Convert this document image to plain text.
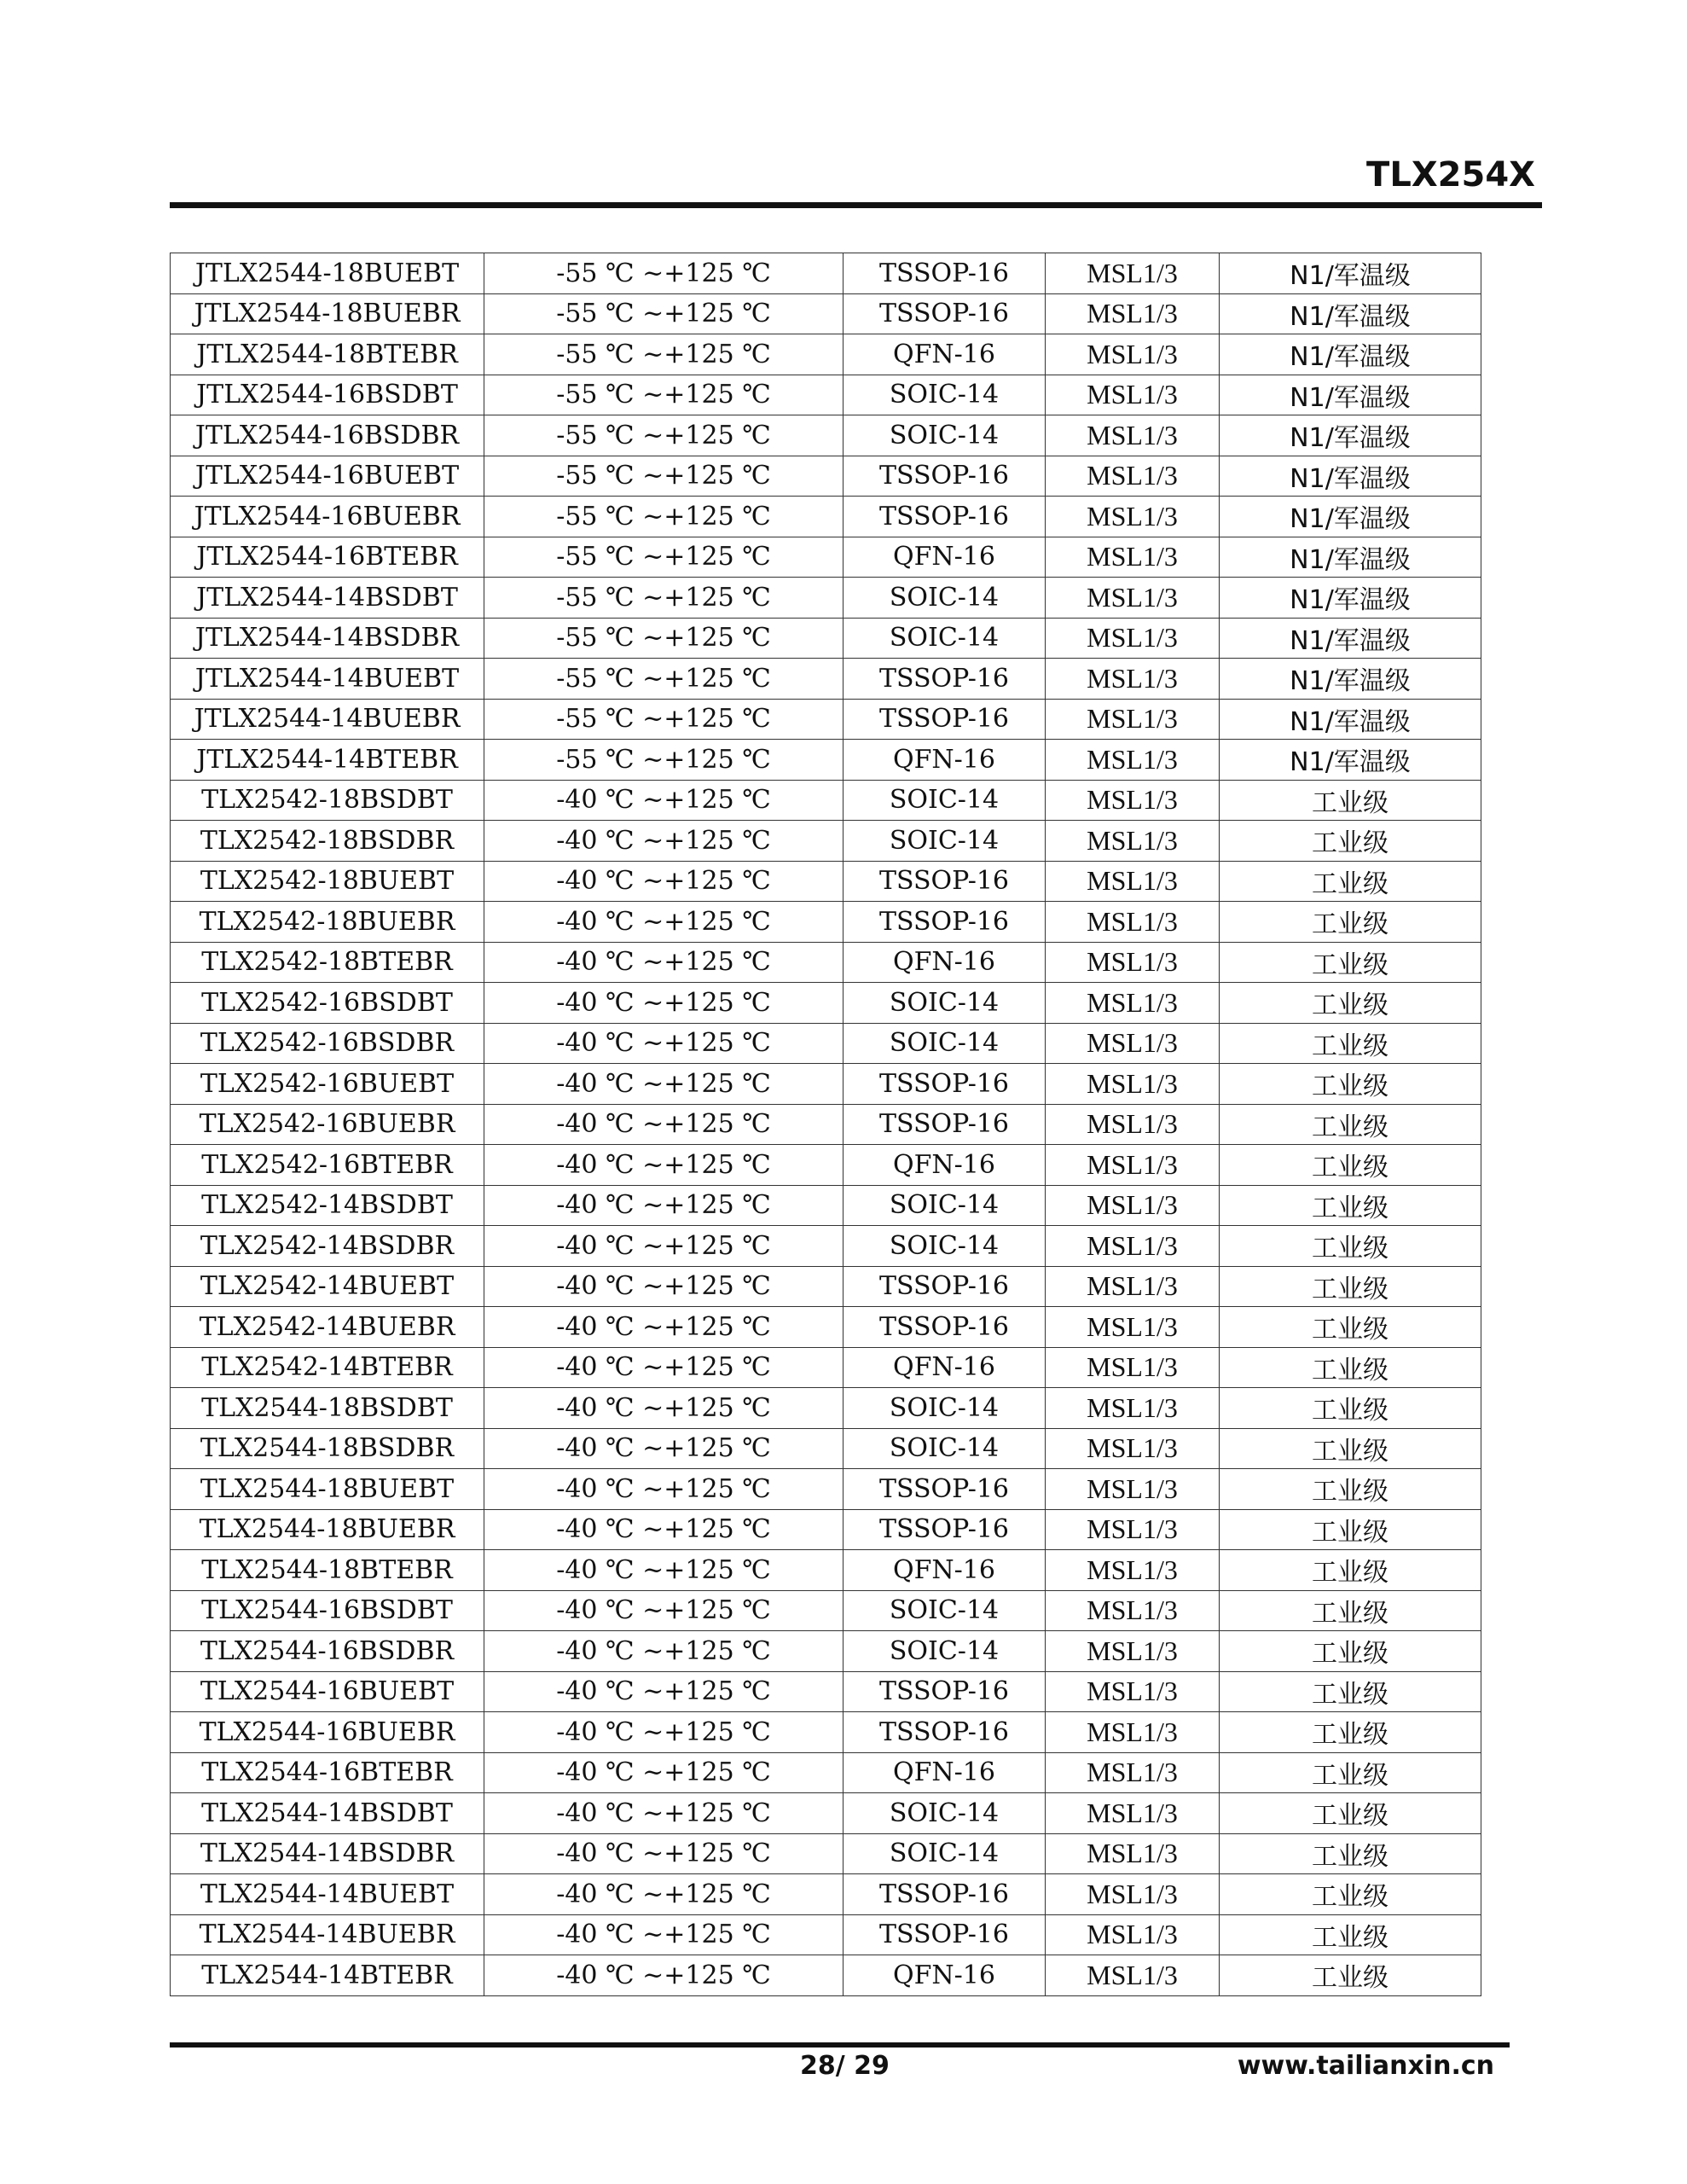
TLX254X
JTLX2544-18BUEBT	-55 ℃ ~+125 ℃	TSSOP-16	MSL1/3	N1/军温级
JTLX2544-18BUEBR	-55 ℃ ~+125 ℃	TSSOP-16	MSL1/3	N1/军温级
JTLX2544-18BTEBR	-55 ℃ ~+125 ℃	QFN-16	MSL1/3	N1/军温级
JTLX2544-16BSDBT	-55 ℃ ~+125 ℃	SOIC-14	MSL1/3	N1/军温级
JTLX2544-16BSDBR	-55 ℃ ~+125 ℃	SOIC-14	MSL1/3	N1/军温级
JTLX2544-16BUEBT	-55 ℃ ~+125 ℃	TSSOP-16	MSL1/3	N1/军温级
JTLX2544-16BUEBR	-55 ℃ ~+125 ℃	TSSOP-16	MSL1/3	N1/军温级
JTLX2544-16BTEBR	-55 ℃ ~+125 ℃	QFN-16	MSL1/3	N1/军温级
JTLX2544-14BSDBT	-55 ℃ ~+125 ℃	SOIC-14	MSL1/3	N1/军温级
JTLX2544-14BSDBR	-55 ℃ ~+125 ℃	SOIC-14	MSL1/3	N1/军温级
JTLX2544-14BUEBT	-55 ℃ ~+125 ℃	TSSOP-16	MSL1/3	N1/军温级
JTLX2544-14BUEBR	-55 ℃ ~+125 ℃	TSSOP-16	MSL1/3	N1/军温级
JTLX2544-14BTEBR	-55 ℃ ~+125 ℃	QFN-16	MSL1/3	N1/军温级
TLX2542-18BSDBT	-40 ℃ ~+125 ℃	SOIC-14	MSL1/3	工业级
TLX2542-18BSDBR	-40 ℃ ~+125 ℃	SOIC-14	MSL1/3	工业级
TLX2542-18BUEBT	-40 ℃ ~+125 ℃	TSSOP-16	MSL1/3	工业级
TLX2542-18BUEBR	-40 ℃ ~+125 ℃	TSSOP-16	MSL1/3	工业级
TLX2542-18BTEBR	-40 ℃ ~+125 ℃	QFN-16	MSL1/3	工业级
TLX2542-16BSDBT	-40 ℃ ~+125 ℃	SOIC-14	MSL1/3	工业级
TLX2542-16BSDBR	-40 ℃ ~+125 ℃	SOIC-14	MSL1/3	工业级
TLX2542-16BUEBT	-40 ℃ ~+125 ℃	TSSOP-16	MSL1/3	工业级
TLX2542-16BUEBR	-40 ℃ ~+125 ℃	TSSOP-16	MSL1/3	工业级
TLX2542-16BTEBR	-40 ℃ ~+125 ℃	QFN-16	MSL1/3	工业级
TLX2542-14BSDBT	-40 ℃ ~+125 ℃	SOIC-14	MSL1/3	工业级
TLX2542-14BSDBR	-40 ℃ ~+125 ℃	SOIC-14	MSL1/3	工业级
TLX2542-14BUEBT	-40 ℃ ~+125 ℃	TSSOP-16	MSL1/3	工业级
TLX2542-14BUEBR	-40 ℃ ~+125 ℃	TSSOP-16	MSL1/3	工业级
TLX2542-14BTEBR	-40 ℃ ~+125 ℃	QFN-16	MSL1/3	工业级
TLX2544-18BSDBT	-40 ℃ ~+125 ℃	SOIC-14	MSL1/3	工业级
TLX2544-18BSDBR	-40 ℃ ~+125 ℃	SOIC-14	MSL1/3	工业级
TLX2544-18BUEBT	-40 ℃ ~+125 ℃	TSSOP-16	MSL1/3	工业级
TLX2544-18BUEBR	-40 ℃ ~+125 ℃	TSSOP-16	MSL1/3	工业级
TLX2544-18BTEBR	-40 ℃ ~+125 ℃	QFN-16	MSL1/3	工业级
TLX2544-16BSDBT	-40 ℃ ~+125 ℃	SOIC-14	MSL1/3	工业级
TLX2544-16BSDBR	-40 ℃ ~+125 ℃	SOIC-14	MSL1/3	工业级
TLX2544-16BUEBT	-40 ℃ ~+125 ℃	TSSOP-16	MSL1/3	工业级
TLX2544-16BUEBR	-40 ℃ ~+125 ℃	TSSOP-16	MSL1/3	工业级
TLX2544-16BTEBR	-40 ℃ ~+125 ℃	QFN-16	MSL1/3	工业级
TLX2544-14BSDBT	-40 ℃ ~+125 ℃	SOIC-14	MSL1/3	工业级
TLX2544-14BSDBR	-40 ℃ ~+125 ℃	SOIC-14	MSL1/3	工业级
TLX2544-14BUEBT	-40 ℃ ~+125 ℃	TSSOP-16	MSL1/3	工业级
TLX2544-14BUEBR	-40 ℃ ~+125 ℃	TSSOP-16	MSL1/3	工业级
TLX2544-14BTEBR	-40 ℃ ~+125 ℃	QFN-16	MSL1/3	工业级
28/ 29	www.tailianxin.cn
